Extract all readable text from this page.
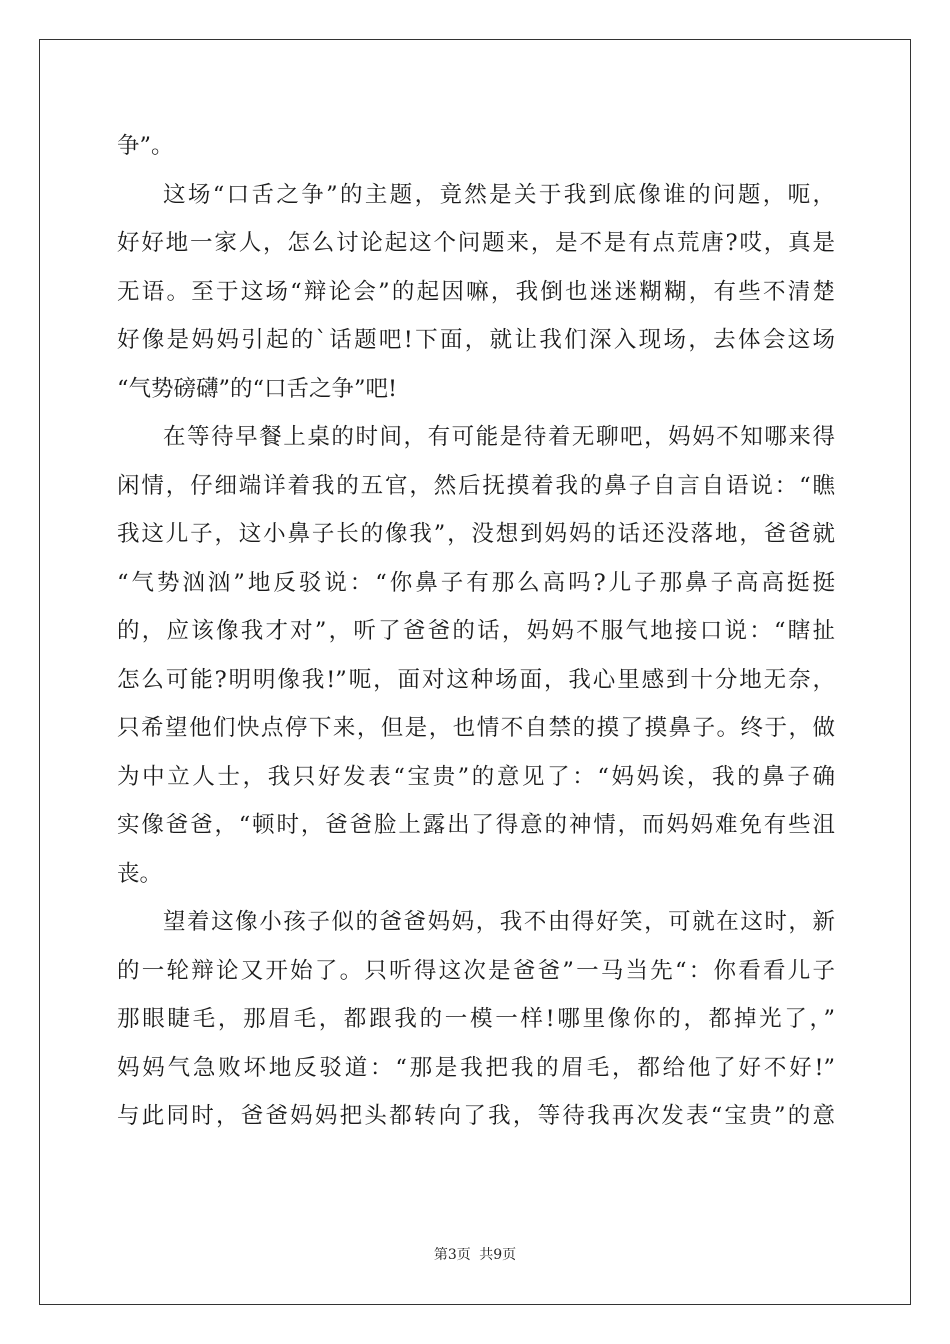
争”。
这场“口舌之争”的主题，竟然是关于我到底像谁的问题，呃，
好好地一家人，怎么讨论起这个问题来，是不是有点荒唐?哎，真是
无语。至于这场“辩论会”的起因嘛，我倒也迷迷糊糊，有些不清楚
好像是妈妈引起的`话题吧!下面，就让我们深入现场，去体会这场
“气势磅礴”的“口舌之争”吧!
在等待早餐上桌的时间，有可能是待着无聊吧，妈妈不知哪来得
闲情，仔细端详着我的五官，然后抚摸着我的鼻子自言自语说：“瞧
我这儿子，这小鼻子长的像我”，没想到妈妈的话还没落地，爸爸就
“气势汹汹”地反驳说：“你鼻子有那么高吗?儿子那鼻子高高挺挺
的，应该像我才对”，听了爸爸的话，妈妈不服气地接口说：“瞎扯
怎么可能?明明像我!”呃，面对这种场面，我心里感到十分地无奈，
只希望他们快点停下来，但是，也情不自禁的摸了摸鼻子。终于，做
为中立人士，我只好发表“宝贵”的意见了：“妈妈诶，我的鼻子确
实像爸爸，“顿时，爸爸脸上露出了得意的神情，而妈妈难免有些沮
丧。
望着这像小孩子似的爸爸妈妈，我不由得好笑，可就在这时，新
的一轮辩论又开始了。只听得这次是爸爸”一马当先“：你看看儿子
那眼睫毛，那眉毛，都跟我的一模一样!哪里像你的，都掉光了，”
妈妈气急败坏地反驳道：“那是我把我的眉毛，都给他了好不好!”
与此同时，爸爸妈妈把头都转向了我，等待我再次发表“宝贵”的意
第3页 共9页
